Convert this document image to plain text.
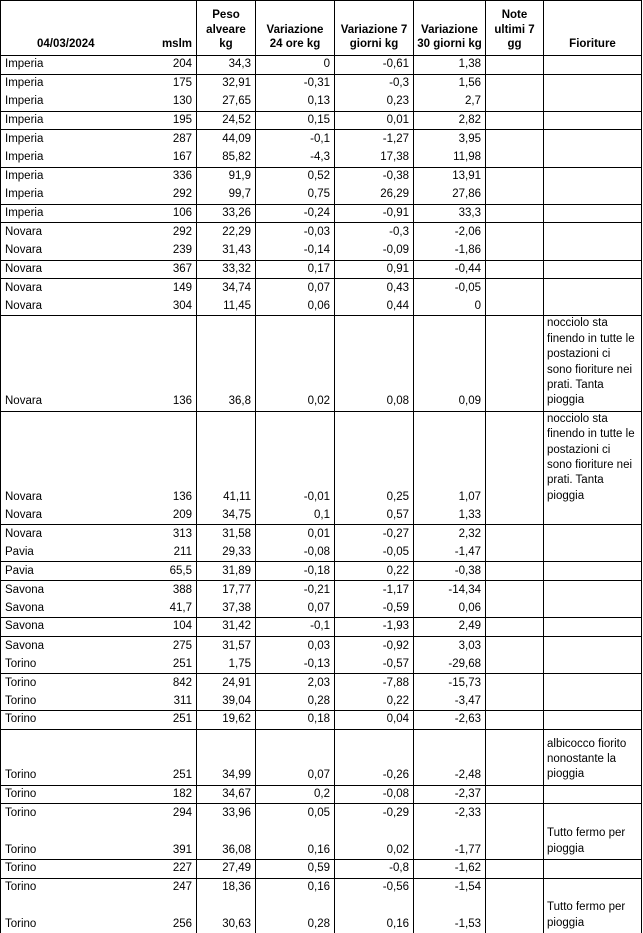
04/03/2024	mslm	Peso alveare kg	Variazione 24 ore kg	Variazione 7 giorni kg	Variazione 30 giorni kg	Note ultimi 7 gg	Fioriture
Imperia	204	34,3	0	-0,61	1,38		
Imperia	175	32,91	-0,31	-0,3	1,56		
Imperia	130	27,65	0,13	0,23	2,7		
Imperia	195	24,52	0,15	0,01	2,82		
Imperia	287	44,09	-0,1	-1,27	3,95		
Imperia	167	85,82	-4,3	17,38	11,98		
Imperia	336	91,9	0,52	-0,38	13,91		
Imperia	292	99,7	0,75	26,29	27,86		
Imperia	106	33,26	-0,24	-0,91	33,3		
Novara	292	22,29	-0,03	-0,3	-2,06		
Novara	239	31,43	-0,14	-0,09	-1,86		
Novara	367	33,32	0,17	0,91	-0,44		
Novara	149	34,74	0,07	0,43	-0,05		
Novara	304	11,45	0,06	0,44	0		
Novara	136	36,8	0,02	0,08	0,09		nocciolo sta finendo in tutte le postazioni ci sono fioriture nei prati. Tanta pioggia
Novara	136	41,11	-0,01	0,25	1,07		nocciolo sta finendo in tutte le postazioni ci sono fioriture nei prati. Tanta pioggia
Novara	209	34,75	0,1	0,57	1,33		
Novara	313	31,58	0,01	-0,27	2,32		
Pavia	211	29,33	-0,08	-0,05	-1,47		
Pavia	65,5	31,89	-0,18	0,22	-0,38		
Savona	388	17,77	-0,21	-1,17	-14,34		
Savona	41,7	37,38	0,07	-0,59	0,06		
Savona	104	31,42	-0,1	-1,93	2,49		
Savona	275	31,57	0,03	-0,92	3,03		
Torino	251	1,75	-0,13	-0,57	-29,68		
Torino	842	24,91	2,03	-7,88	-15,73		
Torino	311	39,04	0,28	0,22	-3,47		
Torino	251	19,62	0,18	0,04	-2,63		
Torino	251	34,99	0,07	-0,26	-2,48		albicocco fiorito nonostante la pioggia
Torino	182	34,67	0,2	-0,08	-2,37		
Torino	294	33,96	0,05	-0,29	-2,33		
Torino	391	36,08	0,16	0,02	-1,77		Tutto fermo per pioggia
Torino	227	27,49	0,59	-0,8	-1,62		
Torino	247	18,36	0,16	-0,56	-1,54		
Torino	256	30,63	0,28	0,16	-1,53		Tutto fermo per pioggia
